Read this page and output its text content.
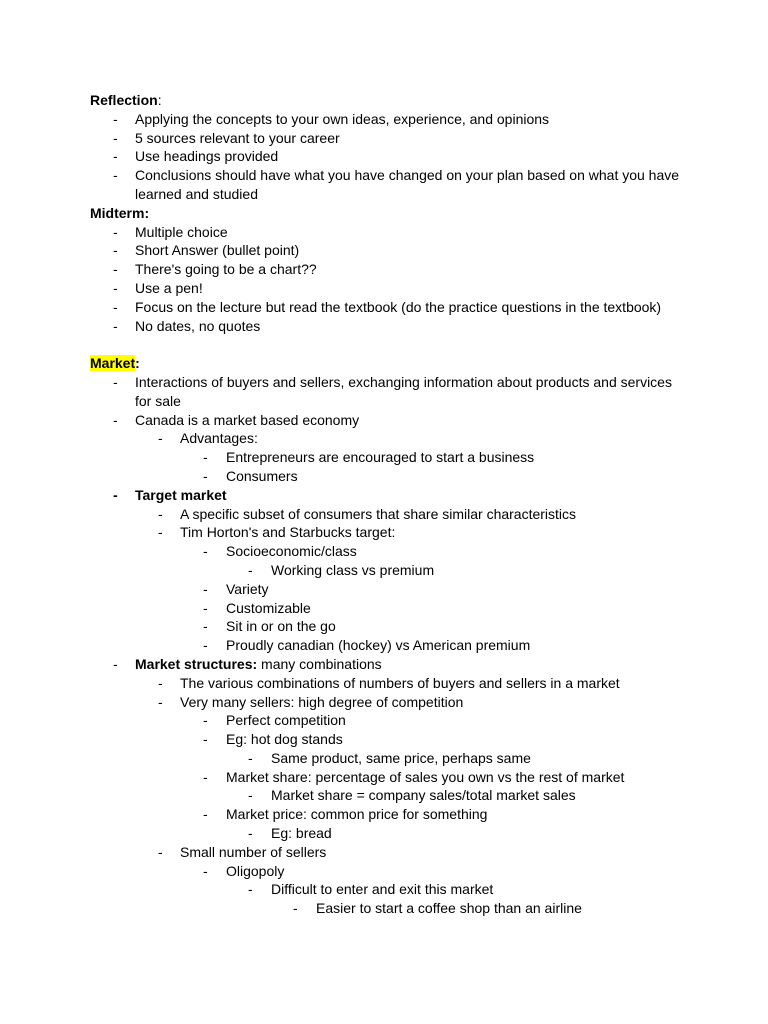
Reflection:
-	Applying the concepts to your own ideas, experience, and opinions
-	5 sources relevant to your career
-	Use headings provided
-	Conclusions should have what you have changed on your plan based on what you have
learned and studied
Midterm:
-	Multiple choice
-	Short Answer (bullet point)
-	There's going to be a chart??
-	Use a pen!
-	Focus on the lecture but read the textbook (do the practice questions in the textbook)
-	No dates, no quotes
Market:
-	Interactions of buyers and sellers, exchanging information about products and services
for sale
-	Canada is a market based economy
-	Advantages:
-	Entrepreneurs are encouraged to start a business
-	Consumers
-	Target market
-	A specific subset of consumers that share similar characteristics
-	Tim Horton's and Starbucks target:
-	Socioeconomic/class
-	Working class vs premium
-	Variety
-	Customizable
-	Sit in or on the go
-	Proudly canadian (hockey) vs American premium
-	Market structures: many combinations
-	The various combinations of numbers of buyers and sellers in a market
-	Very many sellers: high degree of competition
-	Perfect competition
-	Eg: hot dog stands
-	Same product, same price, perhaps same
-	Market share: percentage of sales you own vs the rest of market
-	Market share = company sales/total market sales
-	Market price: common price for something
-	Eg: bread
-	Small number of sellers
-	Oligopoly
-	Difficult to enter and exit this market
-	Easier to start a coffee shop than an airline
